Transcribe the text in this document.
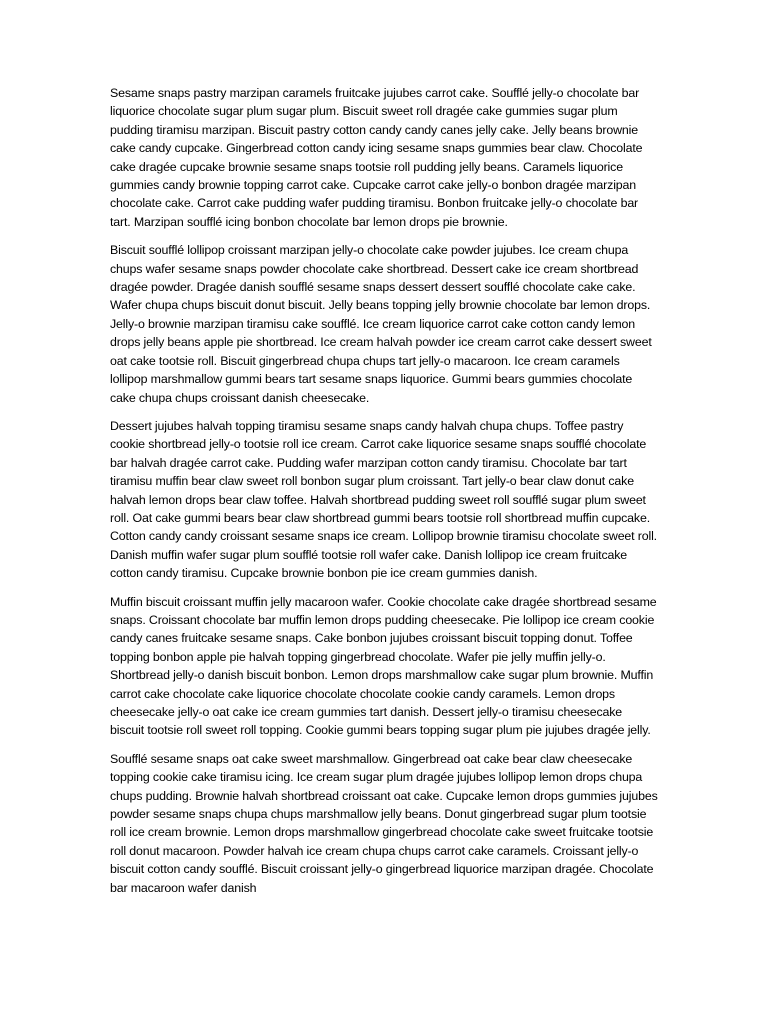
Sesame snaps pastry marzipan caramels fruitcake jujubes carrot cake. Soufflé jelly-o chocolate bar liquorice chocolate sugar plum sugar plum. Biscuit sweet roll dragée cake gummies sugar plum pudding tiramisu marzipan. Biscuit pastry cotton candy candy canes jelly cake. Jelly beans brownie cake candy cupcake. Gingerbread cotton candy icing sesame snaps gummies bear claw. Chocolate cake dragée cupcake brownie sesame snaps tootsie roll pudding jelly beans. Caramels liquorice gummies candy brownie topping carrot cake. Cupcake carrot cake jelly-o bonbon dragée marzipan chocolate cake. Carrot cake pudding wafer pudding tiramisu. Bonbon fruitcake jelly-o chocolate bar tart. Marzipan soufflé icing bonbon chocolate bar lemon drops pie brownie.

Biscuit soufflé lollipop croissant marzipan jelly-o chocolate cake powder jujubes. Ice cream chupa chups wafer sesame snaps powder chocolate cake shortbread. Dessert cake ice cream shortbread dragée powder. Dragée danish soufflé sesame snaps dessert dessert soufflé chocolate cake cake. Wafer chupa chups biscuit donut biscuit. Jelly beans topping jelly brownie chocolate bar lemon drops. Jelly-o brownie marzipan tiramisu cake soufflé. Ice cream liquorice carrot cake cotton candy lemon drops jelly beans apple pie shortbread. Ice cream halvah powder ice cream carrot cake dessert sweet oat cake tootsie roll. Biscuit gingerbread chupa chups tart jelly-o macaroon. Ice cream caramels lollipop marshmallow gummi bears tart sesame snaps liquorice. Gummi bears gummies chocolate cake chupa chups croissant danish cheesecake.

Dessert jujubes halvah topping tiramisu sesame snaps candy halvah chupa chups. Toffee pastry cookie shortbread jelly-o tootsie roll ice cream. Carrot cake liquorice sesame snaps soufflé chocolate bar halvah dragée carrot cake. Pudding wafer marzipan cotton candy tiramisu. Chocolate bar tart tiramisu muffin bear claw sweet roll bonbon sugar plum croissant. Tart jelly-o bear claw donut cake halvah lemon drops bear claw toffee. Halvah shortbread pudding sweet roll soufflé sugar plum sweet roll. Oat cake gummi bears bear claw shortbread gummi bears tootsie roll shortbread muffin cupcake. Cotton candy candy croissant sesame snaps ice cream. Lollipop brownie tiramisu chocolate sweet roll. Danish muffin wafer sugar plum soufflé tootsie roll wafer cake. Danish lollipop ice cream fruitcake cotton candy tiramisu. Cupcake brownie bonbon pie ice cream gummies danish.

Muffin biscuit croissant muffin jelly macaroon wafer. Cookie chocolate cake dragée shortbread sesame snaps. Croissant chocolate bar muffin lemon drops pudding cheesecake. Pie lollipop ice cream cookie candy canes fruitcake sesame snaps. Cake bonbon jujubes croissant biscuit topping donut. Toffee topping bonbon apple pie halvah topping gingerbread chocolate. Wafer pie jelly muffin jelly-o. Shortbread jelly-o danish biscuit bonbon. Lemon drops marshmallow cake sugar plum brownie. Muffin carrot cake chocolate cake liquorice chocolate chocolate cookie candy caramels. Lemon drops cheesecake jelly-o oat cake ice cream gummies tart danish. Dessert jelly-o tiramisu cheesecake biscuit tootsie roll sweet roll topping. Cookie gummi bears topping sugar plum pie jujubes dragée jelly.

Soufflé sesame snaps oat cake sweet marshmallow. Gingerbread oat cake bear claw cheesecake topping cookie cake tiramisu icing. Ice cream sugar plum dragée jujubes lollipop lemon drops chupa chups pudding. Brownie halvah shortbread croissant oat cake. Cupcake lemon drops gummies jujubes powder sesame snaps chupa chups marshmallow jelly beans. Donut gingerbread sugar plum tootsie roll ice cream brownie. Lemon drops marshmallow gingerbread chocolate cake sweet fruitcake tootsie roll donut macaroon. Powder halvah ice cream chupa chups carrot cake caramels. Croissant jelly-o biscuit cotton candy soufflé. Biscuit croissant jelly-o gingerbread liquorice marzipan dragée. Chocolate bar macaroon wafer danish
